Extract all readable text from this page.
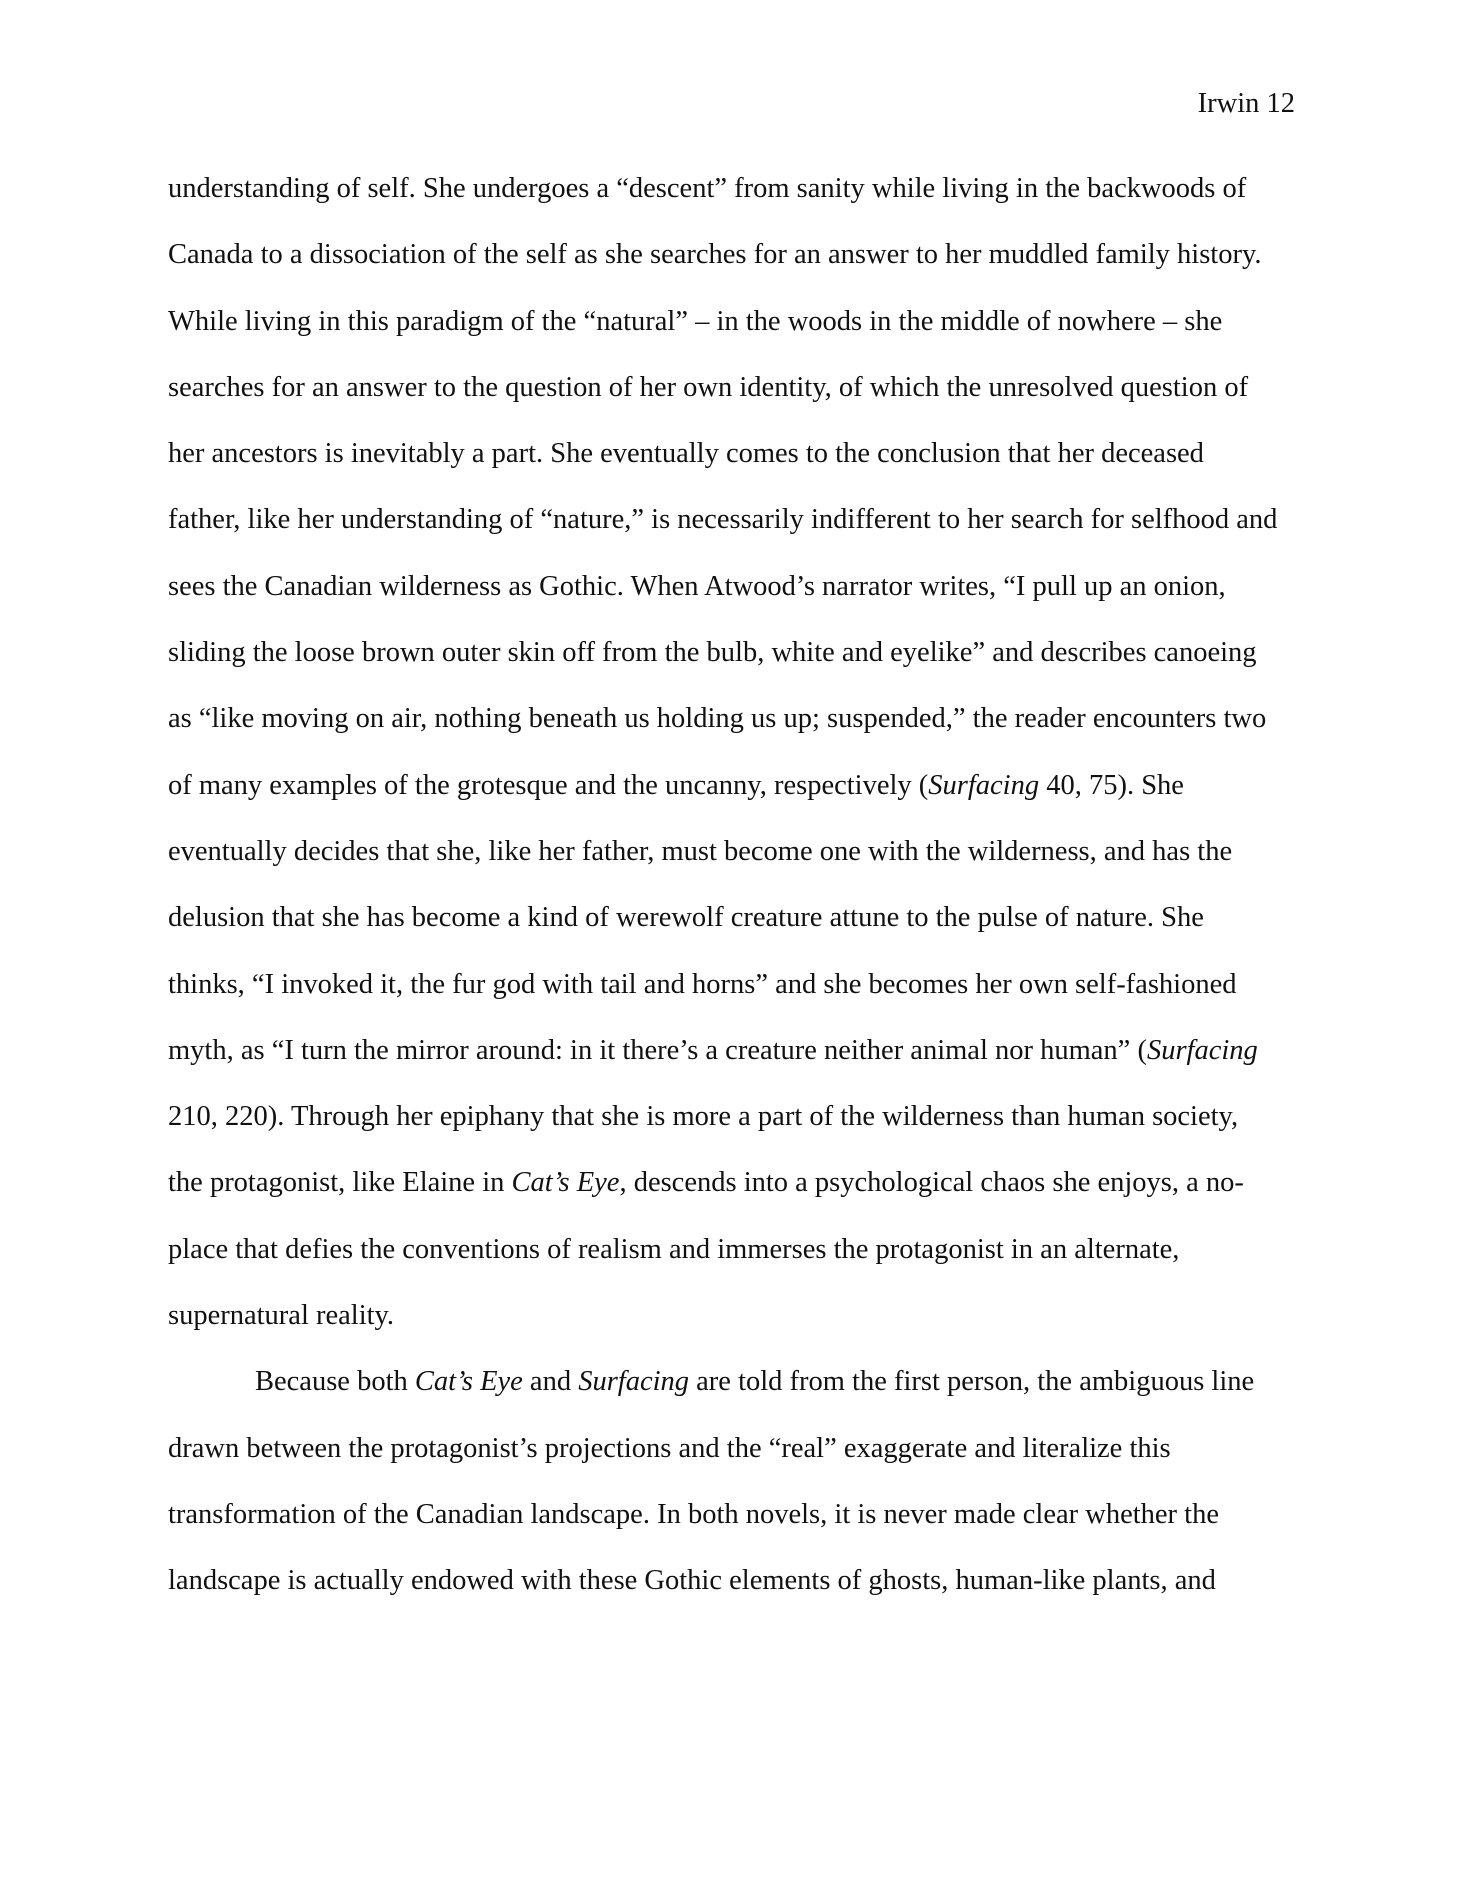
Irwin 12
understanding of self. She undergoes a “descent” from sanity while living in the backwoods of
Canada to a dissociation of the self as she searches for an answer to her muddled family history.
While living in this paradigm of the “natural” – in the woods in the middle of nowhere – she
searches for an answer to the question of her own identity, of which the unresolved question of
her ancestors is inevitably a part. She eventually comes to the conclusion that her deceased
father, like her understanding of “nature,” is necessarily indifferent to her search for selfhood and
sees the Canadian wilderness as Gothic. When Atwood’s narrator writes, “I pull up an onion,
sliding the loose brown outer skin off from the bulb, white and eyelike” and describes canoeing
as “like moving on air, nothing beneath us holding us up; suspended,” the reader encounters two
of many examples of the grotesque and the uncanny, respectively (Surfacing 40, 75). She
eventually decides that she, like her father, must become one with the wilderness, and has the
delusion that she has become a kind of werewolf creature attune to the pulse of nature. She
thinks, “I invoked it, the fur god with tail and horns” and she becomes her own self-fashioned
myth, as “I turn the mirror around: in it there’s a creature neither animal nor human” (Surfacing
210, 220). Through her epiphany that she is more a part of the wilderness than human society,
the protagonist, like Elaine in Cat’s Eye, descends into a psychological chaos she enjoys, a no-
place that defies the conventions of realism and immerses the protagonist in an alternate,
supernatural reality.
Because both Cat’s Eye and Surfacing are told from the first person, the ambiguous line
drawn between the protagonist’s projections and the “real” exaggerate and literalize this
transformation of the Canadian landscape. In both novels, it is never made clear whether the
landscape is actually endowed with these Gothic elements of ghosts, human-like plants, and
